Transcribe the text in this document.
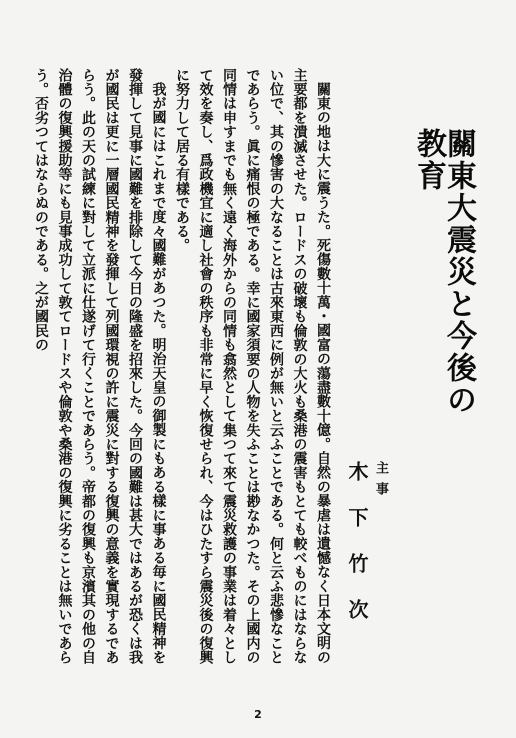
關東大震災と今後の教育
主事
木下竹次

關東の地は大に震うた。死傷數十萬・國富の蕩盡數十億。自然の暴虐は遺憾なく日本文明の主要都を潰滅させた。ロードスの破壞も倫敦の大火も桑港の震害もとても較べものにはならない位で、其の慘害の大なることは古來東西に例が無いと云ふことである。何と云ふ悲慘なことであらう。眞に痛恨の極である。幸に國家須要の人物を失ふことは尠なかつた。その上國内の同情は申すまでも無く遠く海外からの同情も翕然として集つて來て震災救護の事業は着々として效を奏し、爲政機宜に適し社會の秩序も非常に早く恢復せられ、今はひたすら震災後の復興に努力して居る有樣である。

我が國にはこれまで度々國難があつた。明治天皇の御製にもある樣に事ある毎に國民精神を發揮して見事に國難を排除して今日の隆盛を招來した。今回の國難は甚大ではあるが恐くは我が國民は更に一層國民精神を發揮して列國環視の許に震災に對する復興の意義を實現するであらう。此の天の試練に對して立派に仕遂げて行くことであらう。帝都の復興も京濱其の他の自治體の復興援助等にも見事成功して敦てロードスや倫敦や桑港の復興に劣ることは無いであらう。否劣つてはならぬのである。之が國民の

2
